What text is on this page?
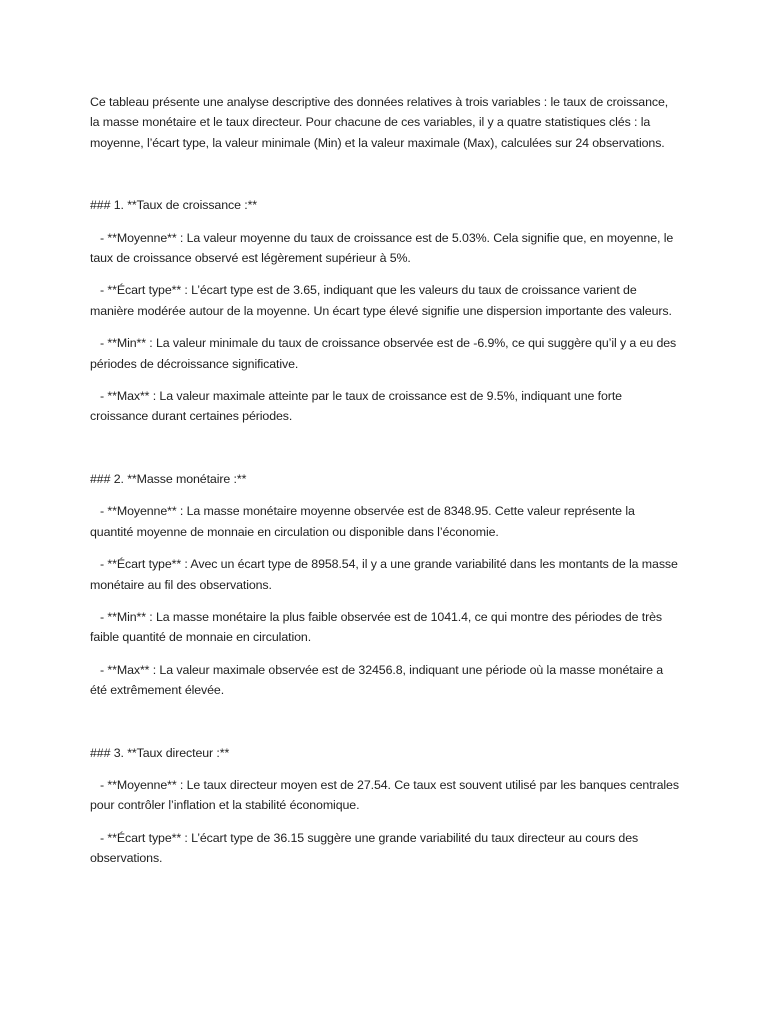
Ce tableau présente une analyse descriptive des données relatives à trois variables : le taux de croissance, la masse monétaire et le taux directeur. Pour chacune de ces variables, il y a quatre statistiques clés : la moyenne, l’écart type, la valeur minimale (Min) et la valeur maximale (Max), calculées sur 24 observations.

### 1. **Taux de croissance :**

- **Moyenne** : La valeur moyenne du taux de croissance est de 5.03%. Cela signifie que, en moyenne, le taux de croissance observé est légèrement supérieur à 5%.

- **Écart type** : L’écart type est de 3.65, indiquant que les valeurs du taux de croissance varient de manière modérée autour de la moyenne. Un écart type élevé signifie une dispersion importante des valeurs.

- **Min** : La valeur minimale du taux de croissance observée est de -6.9%, ce qui suggère qu’il y a eu des périodes de décroissance significative.

- **Max** : La valeur maximale atteinte par le taux de croissance est de 9.5%, indiquant une forte croissance durant certaines périodes.

### 2. **Masse monétaire :**

- **Moyenne** : La masse monétaire moyenne observée est de 8348.95. Cette valeur représente la quantité moyenne de monnaie en circulation ou disponible dans l’économie.

- **Écart type** : Avec un écart type de 8958.54, il y a une grande variabilité dans les montants de la masse monétaire au fil des observations.

- **Min** : La masse monétaire la plus faible observée est de 1041.4, ce qui montre des périodes de très faible quantité de monnaie en circulation.

- **Max** : La valeur maximale observée est de 32456.8, indiquant une période où la masse monétaire a été extrêmement élevée.

### 3. **Taux directeur :**

- **Moyenne** : Le taux directeur moyen est de 27.54. Ce taux est souvent utilisé par les banques centrales pour contrôler l’inflation et la stabilité économique.

- **Écart type** : L’écart type de 36.15 suggère une grande variabilité du taux directeur au cours des observations.
